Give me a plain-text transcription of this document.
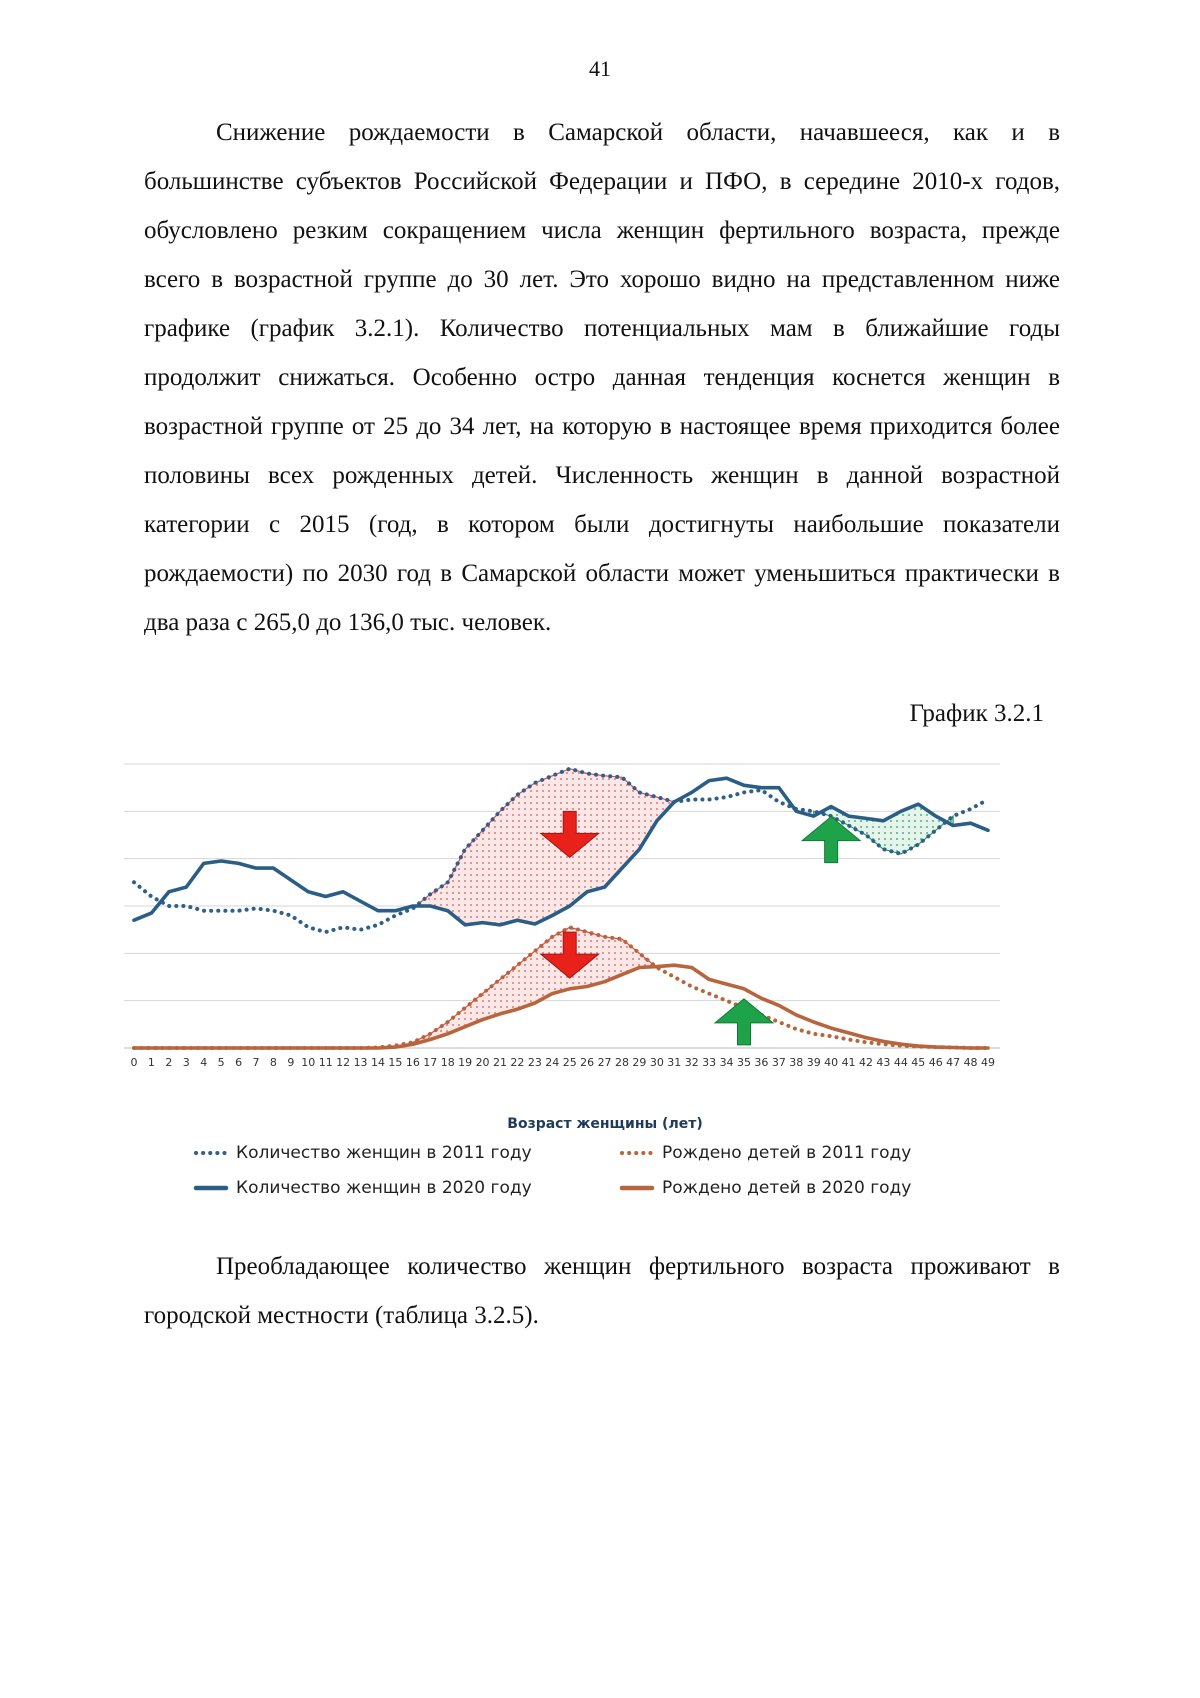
41

Снижение рождаемости в Самарской области, начавшееся, как и в большинстве субъектов Российской Федерации и ПФО, в середине 2010-х годов, обусловлено резким сокращением числа женщин фертильного возраста, прежде всего в возрастной группе до 30 лет. Это хорошо видно на представленном ниже графике (график 3.2.1). Количество потенциальных мам в ближайшие годы продолжит снижаться. Особенно остро данная тенденция коснется женщин в возрастной группе от 25 до 34 лет, на которую в настоящее время приходится более половины всех рожденных детей. Численность женщин в данной возрастной категории с 2015 (год, в котором были достигнуты наибольшие показатели рождаемости) по 2030 год в Самарской области может уменьшиться практически в два раза с 265,0 до 136,0 тыс. человек.

График 3.2.1
0 1 2 3 4 5 6 7 8 9 10 11 12 13 14 15 16 17 18 19 20 21 22 23 24 25 26 27 28 29 30 31 32 33 34 35 36 37 38 39 40 41 42 43 44 45 46 47 48 49
Возраст женщины (лет)
Количество женщин в 2011 году	Рождено детей в 2011 году
Количество женщин в 2020 году	Рождено детей в 2020 году

Преобладающее количество женщин фертильного возраста проживают в городской местности (таблица 3.2.5).
